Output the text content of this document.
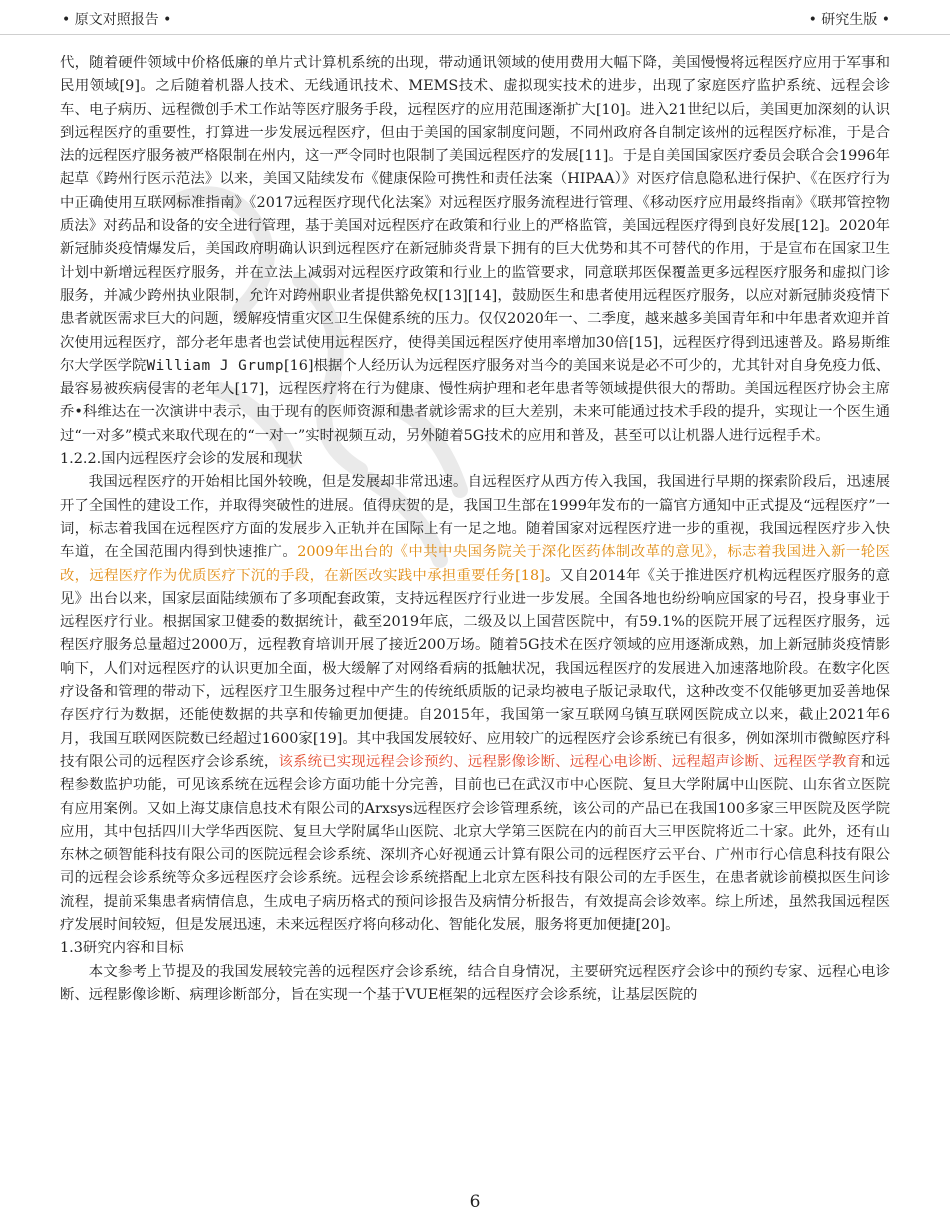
• 原文对照报告 •	• 研究生版 •

代，随着硬件领域中价格低廉的单片式计算机系统的出现，带动通讯领域的使用费用大幅下降，美国慢慢将远程医疗应用于军事和民用领域[9]。之后随着机器人技术、无线通讯技术、MEMS技术、虚拟现实技术的进步，出现了家庭医疗监护系统、远程会诊车、电子病历、远程微创手术工作站等医疗服务手段，远程医疗的应用范围逐渐扩大[10]。进入21世纪以后，美国更加深刻的认识到远程医疗的重要性，打算进一步发展远程医疗，但由于美国的国家制度问题，不同州政府各自制定该州的远程医疗标准，于是合法的远程医疗服务被严格限制在州内，这一严令同时也限制了美国远程医疗的发展[11]。于是自美国国家医疗委员会联合会1996年起草《跨州行医示范法》以来，美国又陆续发布《健康保险可携性和责任法案（HIPAA）》对医疗信息隐私进行保护、《在医疗行为中正确使用互联网标准指南》《2017远程医疗现代化法案》对远程医疗服务流程进行管理、《移动医疗应用最终指南》《联邦管控物质法》对药品和设备的安全进行管理，基于美国对远程医疗在政策和行业上的严格监管，美国远程医疗得到良好发展[12]。2020年新冠肺炎疫情爆发后，美国政府明确认识到远程医疗在新冠肺炎背景下拥有的巨大优势和其不可替代的作用，于是宣布在国家卫生计划中新增远程医疗服务，并在立法上减弱对远程医疗政策和行业上的监管要求，同意联邦医保覆盖更多远程医疗服务和虚拟门诊服务，并减少跨州执业限制，允许对跨州职业者提供豁免权[13][14]，鼓励医生和患者使用远程医疗服务，以应对新冠肺炎疫情下患者就医需求巨大的问题，缓解疫情重灾区卫生保健系统的压力。仅仅2020年一、二季度，越来越多美国青年和中年患者欢迎并首次使用远程医疗，部分老年患者也尝试使用远程医疗，使得美国远程医疗使用率增加30倍[15]，远程医疗得到迅速普及。路易斯维尔大学医学院William J Grump[16]根据个人经历认为远程医疗服务对当今的美国来说是必不可少的，尤其针对自身免疫力低、最容易被疾病侵害的老年人[17]，远程医疗将在行为健康、慢性病护理和老年患者等领域提供很大的帮助。美国远程医疗协会主席乔•科维达在一次演讲中表示，由于现有的医师资源和患者就诊需求的巨大差别，未来可能通过技术手段的提升，实现让一个医生通过“一对多”模式来取代现在的“一对一”实时视频互动，另外随着5G技术的应用和普及，甚至可以让机器人进行远程手术。

1.2.2.国内远程医疗会诊的发展和现状

我国远程医疗的开始相比国外较晚，但是发展却非常迅速。自远程医疗从西方传入我国，我国进行早期的探索阶段后，迅速展开了全国性的建设工作，并取得突破性的进展。值得庆贺的是，我国卫生部在1999年发布的一篇官方通知中正式提及“远程医疗”一词，标志着我国在远程医疗方面的发展步入正轨并在国际上有一足之地。随着国家对远程医疗进一步的重视，我国远程医疗步入快车道，在全国范围内得到快速推广。2009年出台的《中共中央国务院关于深化医药体制改革的意见》，标志着我国进入新一轮医改，远程医疗作为优质医疗下沉的手段，在新医改实践中承担重要任务[18]。又自2014年《关于推进医疗机构远程医疗服务的意见》出台以来，国家层面陆续颁布了多项配套政策，支持远程医疗行业进一步发展。全国各地也纷纷响应国家的号召，投身事业于远程医疗行业。根据国家卫健委的数据统计，截至2019年底，二级及以上国营医院中，有59.1%的医院开展了远程医疗服务，远程医疗服务总量超过2000万，远程教育培训开展了接近200万场。随着5G技术在医疗领域的应用逐渐成熟，加上新冠肺炎疫情影响下，人们对远程医疗的认识更加全面，极大缓解了对网络看病的抵触状况，我国远程医疗的发展进入加速落地阶段。在数字化医疗设备和管理的带动下，远程医疗卫生服务过程中产生的传统纸质版的记录均被电子版记录取代，这种改变不仅能够更加妥善地保存医疗行为数据，还能使数据的共享和传输更加便捷。自2015年，我国第一家互联网乌镇互联网医院成立以来，截止2021年6月，我国互联网医院数已经超过1600家[19]。其中我国发展较好、应用较广的远程医疗会诊系统已有很多，例如深圳市微鲸医疗科技有限公司的远程医疗会诊系统，该系统已实现远程会诊预约、远程影像诊断、远程心电诊断、远程超声诊断、远程医学教育和远程参数监护功能，可见该系统在远程会诊方面功能十分完善，目前也已在武汉市中心医院、复旦大学附属中山医院、山东省立医院有应用案例。又如上海艾康信息技术有限公司的Arxsys远程医疗会诊管理系统，该公司的产品已在我国100多家三甲医院及医学院应用，其中包括四川大学华西医院、复旦大学附属华山医院、北京大学第三医院在内的前百大三甲医院将近二十家。此外，还有山东林之硕智能科技有限公司的医院远程会诊系统、深圳齐心好视通云计算有限公司的远程医疗云平台、广州市行心信息科技有限公司的远程会诊系统等众多远程医疗会诊系统。远程会诊系统搭配上北京左医科技有限公司的左手医生，在患者就诊前模拟医生问诊流程，提前采集患者病情信息，生成电子病历格式的预问诊报告及病情分析报告，有效提高会诊效率。综上所述，虽然我国远程医疗发展时间较短，但是发展迅速，未来远程医疗将向移动化、智能化发展，服务将更加便捷[20]。

1.3研究内容和目标

本文参考上节提及的我国发展较完善的远程医疗会诊系统，结合自身情况，主要研究远程医疗会诊中的预约专家、远程心电诊断、远程影像诊断、病理诊断部分，旨在实现一个基于VUE框架的远程医疗会诊系统，让基层医院的

6
